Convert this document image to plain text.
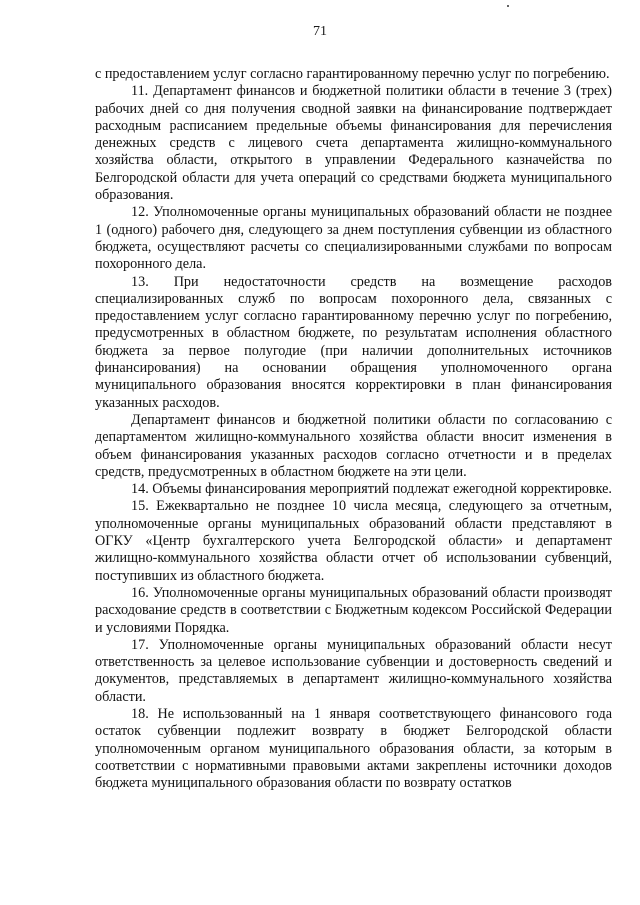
71

с предоставлением услуг согласно гарантированному перечню услуг по погребению.

11. Департамент финансов и бюджетной политики области в течение 3 (трех) рабочих дней со дня получения сводной заявки на финансирование подтверждает расходным расписанием предельные объемы финансирования для перечисления денежных средств с лицевого счета департамента жилищно-коммунального хозяйства области, открытого в управлении Федерального казначейства по Белгородской области для учета операций со средствами бюджета муниципального образования.

12. Уполномоченные органы муниципальных образований области не позднее 1 (одного) рабочего дня, следующего за днем поступления субвенции из областного бюджета, осуществляют расчеты со специализированными службами по вопросам похоронного дела.

13. При недостаточности средств на возмещение расходов специализированных служб по вопросам похоронного дела, связанных с предоставлением услуг согласно гарантированному перечню услуг по погребению, предусмотренных в областном бюджете, по результатам исполнения областного бюджета за первое полугодие (при наличии дополнительных источников финансирования) на основании обращения уполномоченного органа муниципального образования вносятся корректировки в план финансирования указанных расходов.

Департамент финансов и бюджетной политики области по согласованию с департаментом жилищно-коммунального хозяйства области вносит изменения в объем финансирования указанных расходов согласно отчетности и в пределах средств, предусмотренных в областном бюджете на эти цели.

14. Объемы финансирования мероприятий подлежат ежегодной корректировке.

15. Ежеквартально не позднее 10 числа месяца, следующего за отчетным, уполномоченные органы муниципальных образований области представляют в ОГКУ «Центр бухгалтерского учета Белгородской области» и департамент жилищно-коммунального хозяйства области отчет об использовании субвенций, поступивших из областного бюджета.

16. Уполномоченные органы муниципальных образований области производят расходование средств в соответствии с Бюджетным кодексом Российской Федерации и условиями Порядка.

17. Уполномоченные органы муниципальных образований области несут ответственность за целевое использование субвенции и достоверность сведений и документов, представляемых в департамент жилищно-коммунального хозяйства области.

18. Не использованный на 1 января соответствующего финансового года остаток субвенции подлежит возврату в бюджет Белгородской области уполномоченным органом муниципального образования области, за которым в соответствии с нормативными правовыми актами закреплены источники доходов бюджета муниципального образования области по возврату остатков
